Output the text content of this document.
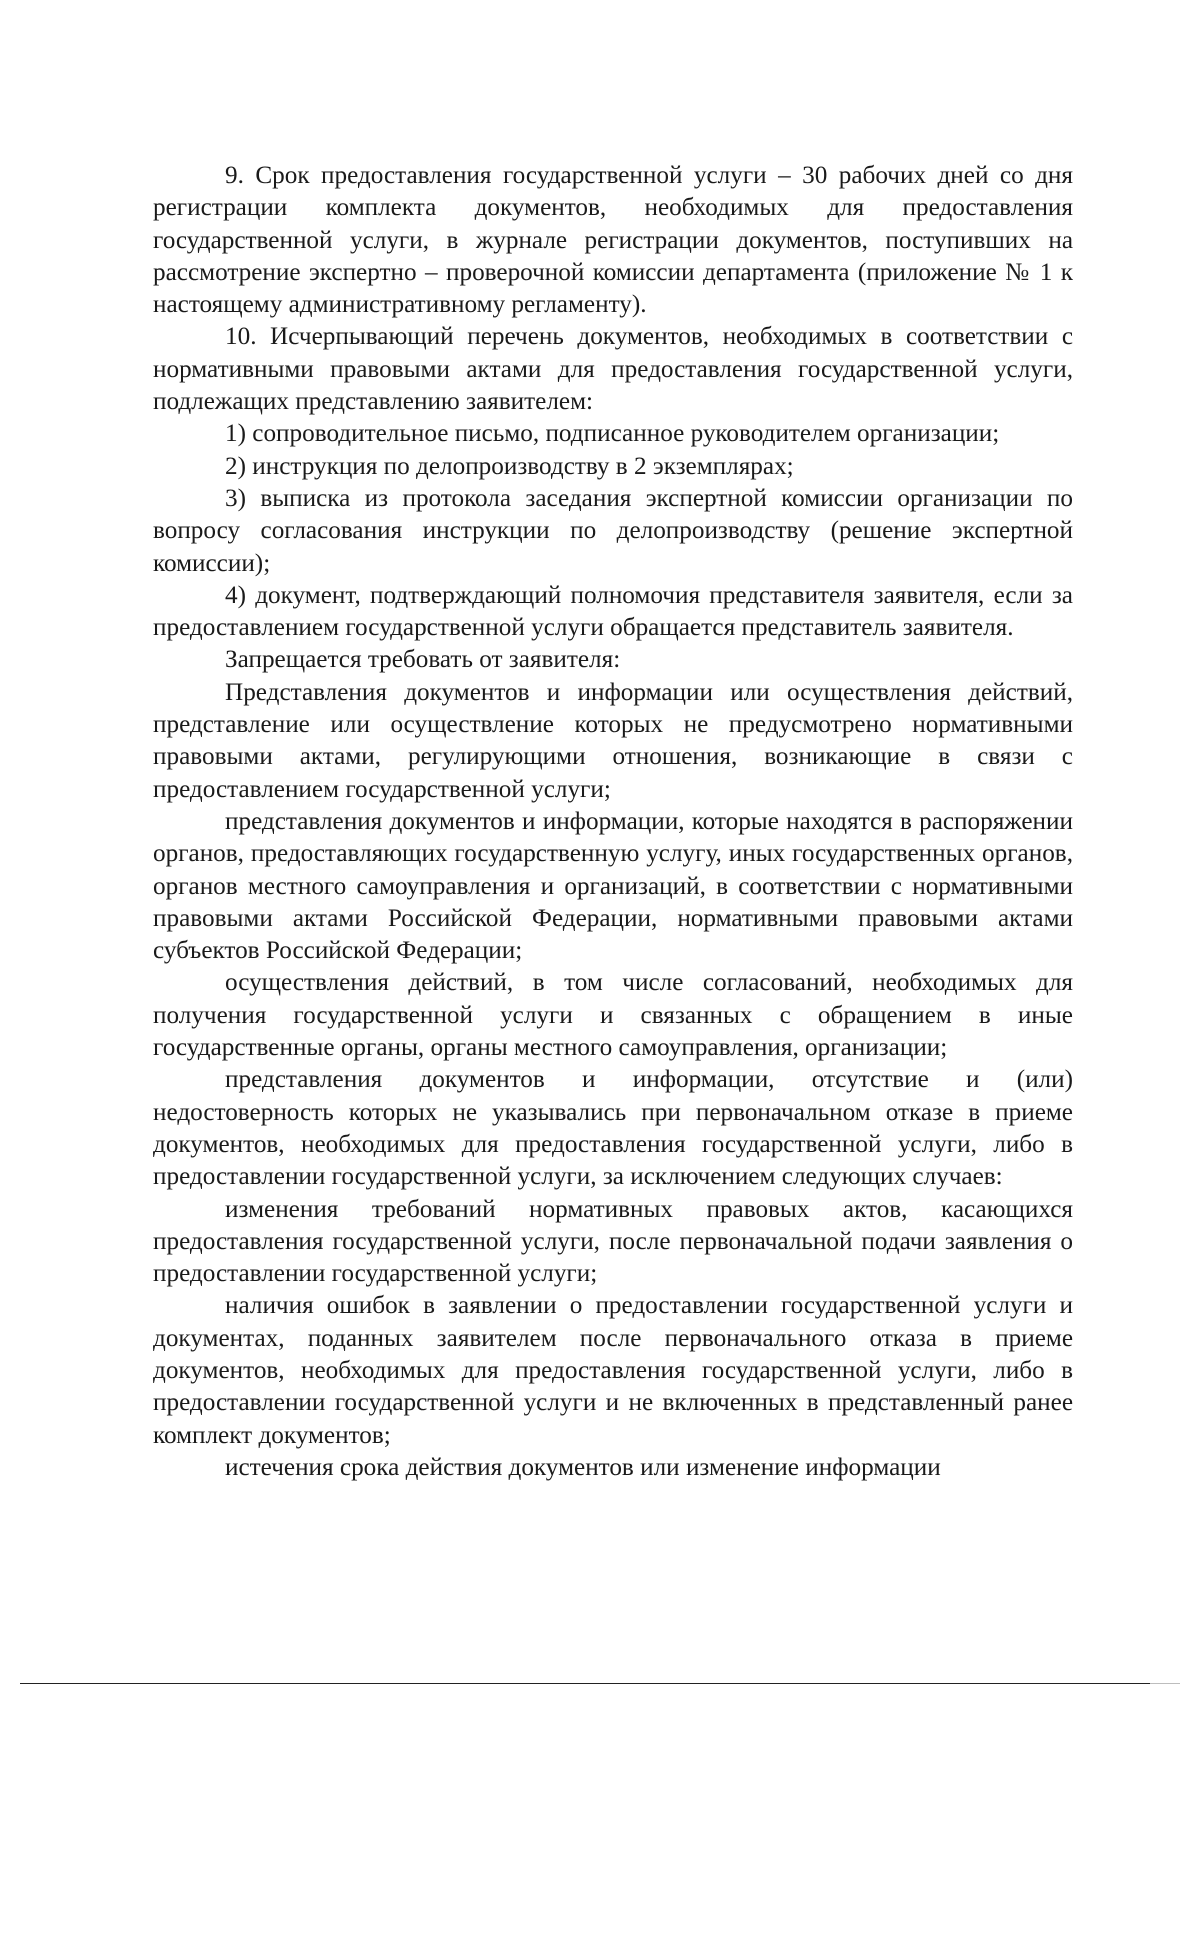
9. Срок предоставления государственной услуги – 30 рабочих дней со дня регистрации комплекта документов, необходимых для предоставления государственной услуги, в журнале регистрации документов, поступивших на рассмотрение экспертно – проверочной комиссии департамента (приложение № 1 к настоящему административному регламенту).

10. Исчерпывающий перечень документов, необходимых в соответствии с нормативными правовыми актами для предоставления государственной услуги, подлежащих представлению заявителем:

1) сопроводительное письмо, подписанное руководителем организации;

2) инструкция по делопроизводству в 2 экземплярах;

3) выписка из протокола заседания экспертной комиссии организации по вопросу согласования инструкции по делопроизводству (решение экспертной комиссии);

4) документ, подтверждающий полномочия представителя заявителя, если за предоставлением государственной услуги обращается представитель заявителя.

Запрещается требовать от заявителя:

Представления документов и информации или осуществления действий, представление или осуществление которых не предусмотрено нормативными правовыми актами, регулирующими отношения, возникающие в связи с предоставлением государственной услуги;

представления документов и информации, которые находятся в распоряжении органов, предоставляющих государственную услугу, иных государственных органов, органов местного самоуправления и организаций, в соответствии с нормативными правовыми актами Российской Федерации, нормативными правовыми актами субъектов Российской Федерации;

осуществления действий, в том числе согласований, необходимых для получения государственной услуги и связанных с обращением в иные государственные органы, органы местного самоуправления, организации;

представления документов и информации, отсутствие и (или) недостоверность которых не указывались при первоначальном отказе в приеме документов, необходимых для предоставления государственной услуги, либо в предоставлении государственной услуги, за исключением следующих случаев:

изменения требований нормативных правовых актов, касающихся предоставления государственной услуги, после первоначальной подачи заявления о предоставлении государственной услуги;

наличия ошибок в заявлении о предоставлении государственной услуги и документах, поданных заявителем после первоначального отказа в приеме документов, необходимых для предоставления государственной услуги, либо в предоставлении государственной услуги и не включенных в представленный ранее комплект документов;

истечения срока действия документов или изменение информации
